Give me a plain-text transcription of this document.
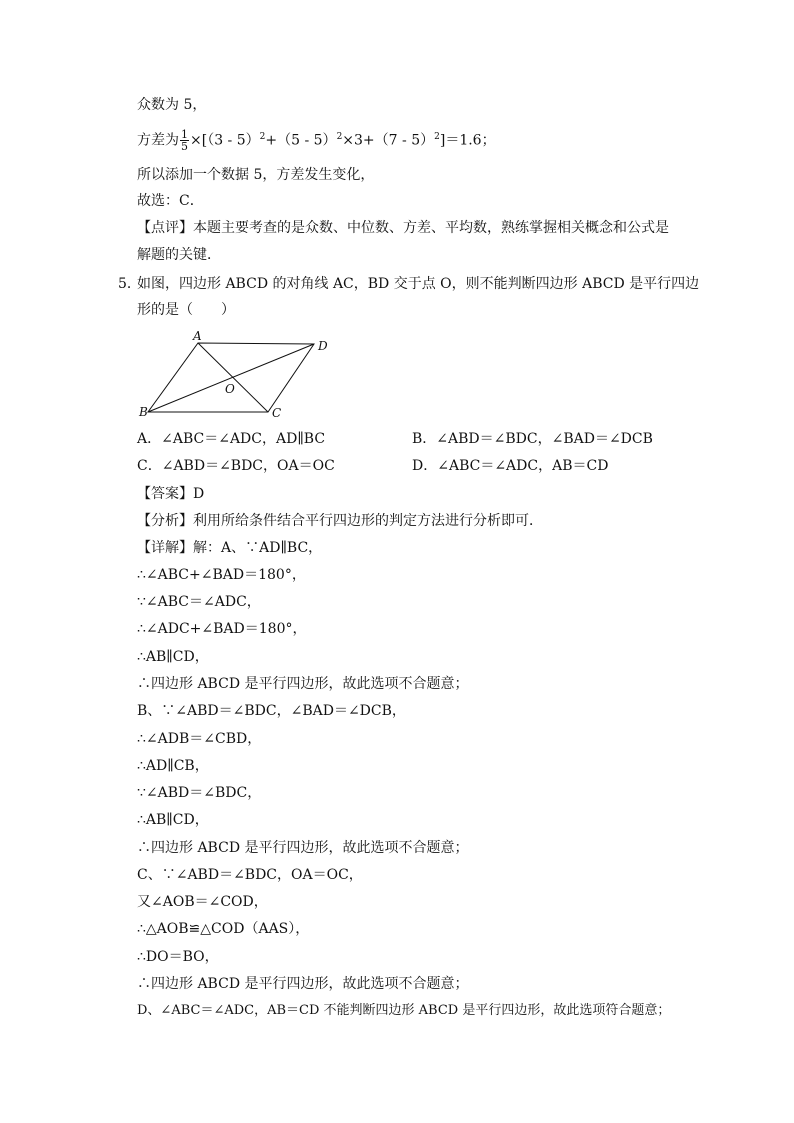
众数为 5，
方差为 $\frac{1}{5} \times[(3 - 5)^2+(5 - 5)^2\times 3+(7 - 5)^2]=1.6$；
所以添加一个数据 5，方差发生变化，
故选：C．
【点评】本题主要考查的是众数、中位数、方差、平均数，熟练掌握相关概念和公式是
解题的关键．
5．
如图，四边形 ABCD 的对角线 AC，BD 交于点 O，则不能判断四边形 ABCD 是平行四边
形的是（　　）
A
D
B	C
O
A．∠ABC＝∠ADC，AD∥BC	B．∠ABD＝∠BDC，∠BAD＝∠DCB
C．∠ABD＝∠BDC，OA＝OC	D．∠ABC＝∠ADC，AB＝CD
【答案】D
【分析】利用所给条件结合平行四边形的判定方法进行分析即可．
【详解】解：A、∵AD∥BC，
∴∠ABC+∠BAD＝180°，
∵∠ABC＝∠ADC，
∴∠ADC+∠BAD＝180°，
∴AB∥CD，
∴四边形 ABCD 是平行四边形，故此选项不合题意；
B、∵∠ABD＝∠BDC，∠BAD＝∠DCB，
∴∠ADB＝∠CBD，
∴AD∥CB，
∵∠ABD＝∠BDC，
∴AB∥CD，
∴四边形 ABCD 是平行四边形，故此选项不合题意；
C、∵∠ABD＝∠BDC，OA＝OC，
又∠AOB＝∠COD，
∴△AOB≌△COD（AAS），
∴DO＝BO，
∴四边形 ABCD 是平行四边形，故此选项不合题意；
D、∠ABC＝∠ADC，AB＝CD 不能判断四边形 ABCD 是平行四边形，故此选项符合题意；
